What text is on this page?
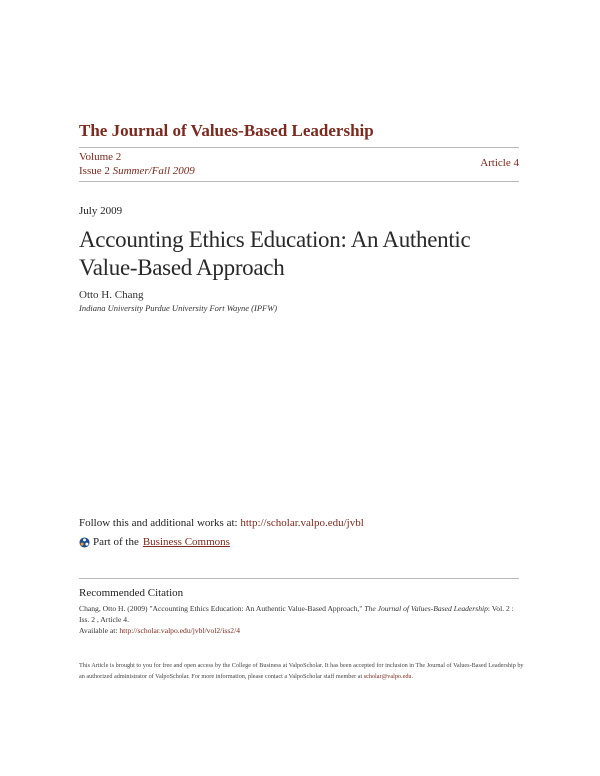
The Journal of Values-Based Leadership
Volume 2
Issue 2 Summer/Fall 2009
Article 4
July 2009
Accounting Ethics Education: An Authentic Value-Based Approach
Otto H. Chang
Indiana University Purdue University Fort Wayne (IPFW)
Follow this and additional works at: http://scholar.valpo.edu/jvbl
Part of the Business Commons
Recommended Citation
Chang, Otto H. (2009) "Accounting Ethics Education: An Authentic Value-Based Approach," The Journal of Values-Based Leadership: Vol. 2 : Iss. 2 , Article 4.
Available at: http://scholar.valpo.edu/jvbl/vol2/iss2/4
This Article is brought to you for free and open access by the College of Business at ValpoScholar. It has been accepted for inclusion in The Journal of Values-Based Leadership by an authorized administrator of ValpoScholar. For more information, please contact a ValpoScholar staff member at scholar@valpo.edu.
